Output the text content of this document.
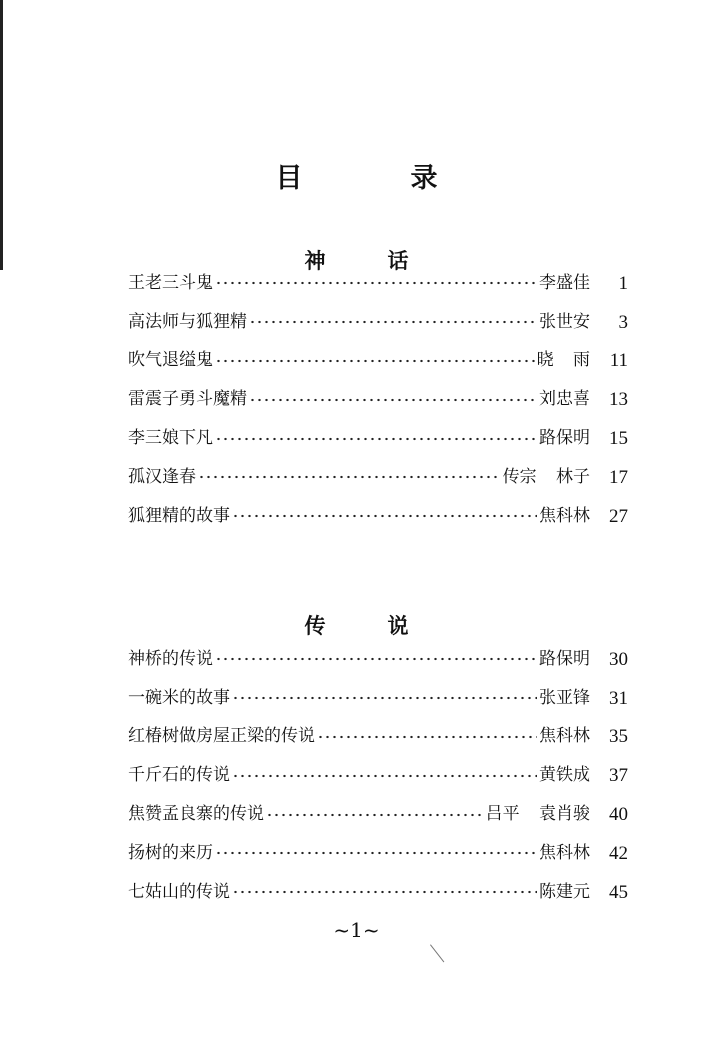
目	录
神	话
王老三斗鬼	李盛佳	1
高法师与狐狸精	张世安	3
吹气退缢鬼	晓 雨	11
雷震子勇斗魔精	刘忠喜	13
李三娘下凡	路保明	15
孤汉逢春	传宗 林子	17
狐狸精的故事	焦科林	27
传	说
神桥的传说	路保明	30
一碗米的故事	张亚锋	31
红椿树做房屋正梁的传说	焦科林	35
千斤石的传说	黄铁成	37
焦赞孟良寨的传说	吕平 袁肖骏	40
扬树的来历	焦科林	42
七姑山的传说	陈建元	45
~1~
